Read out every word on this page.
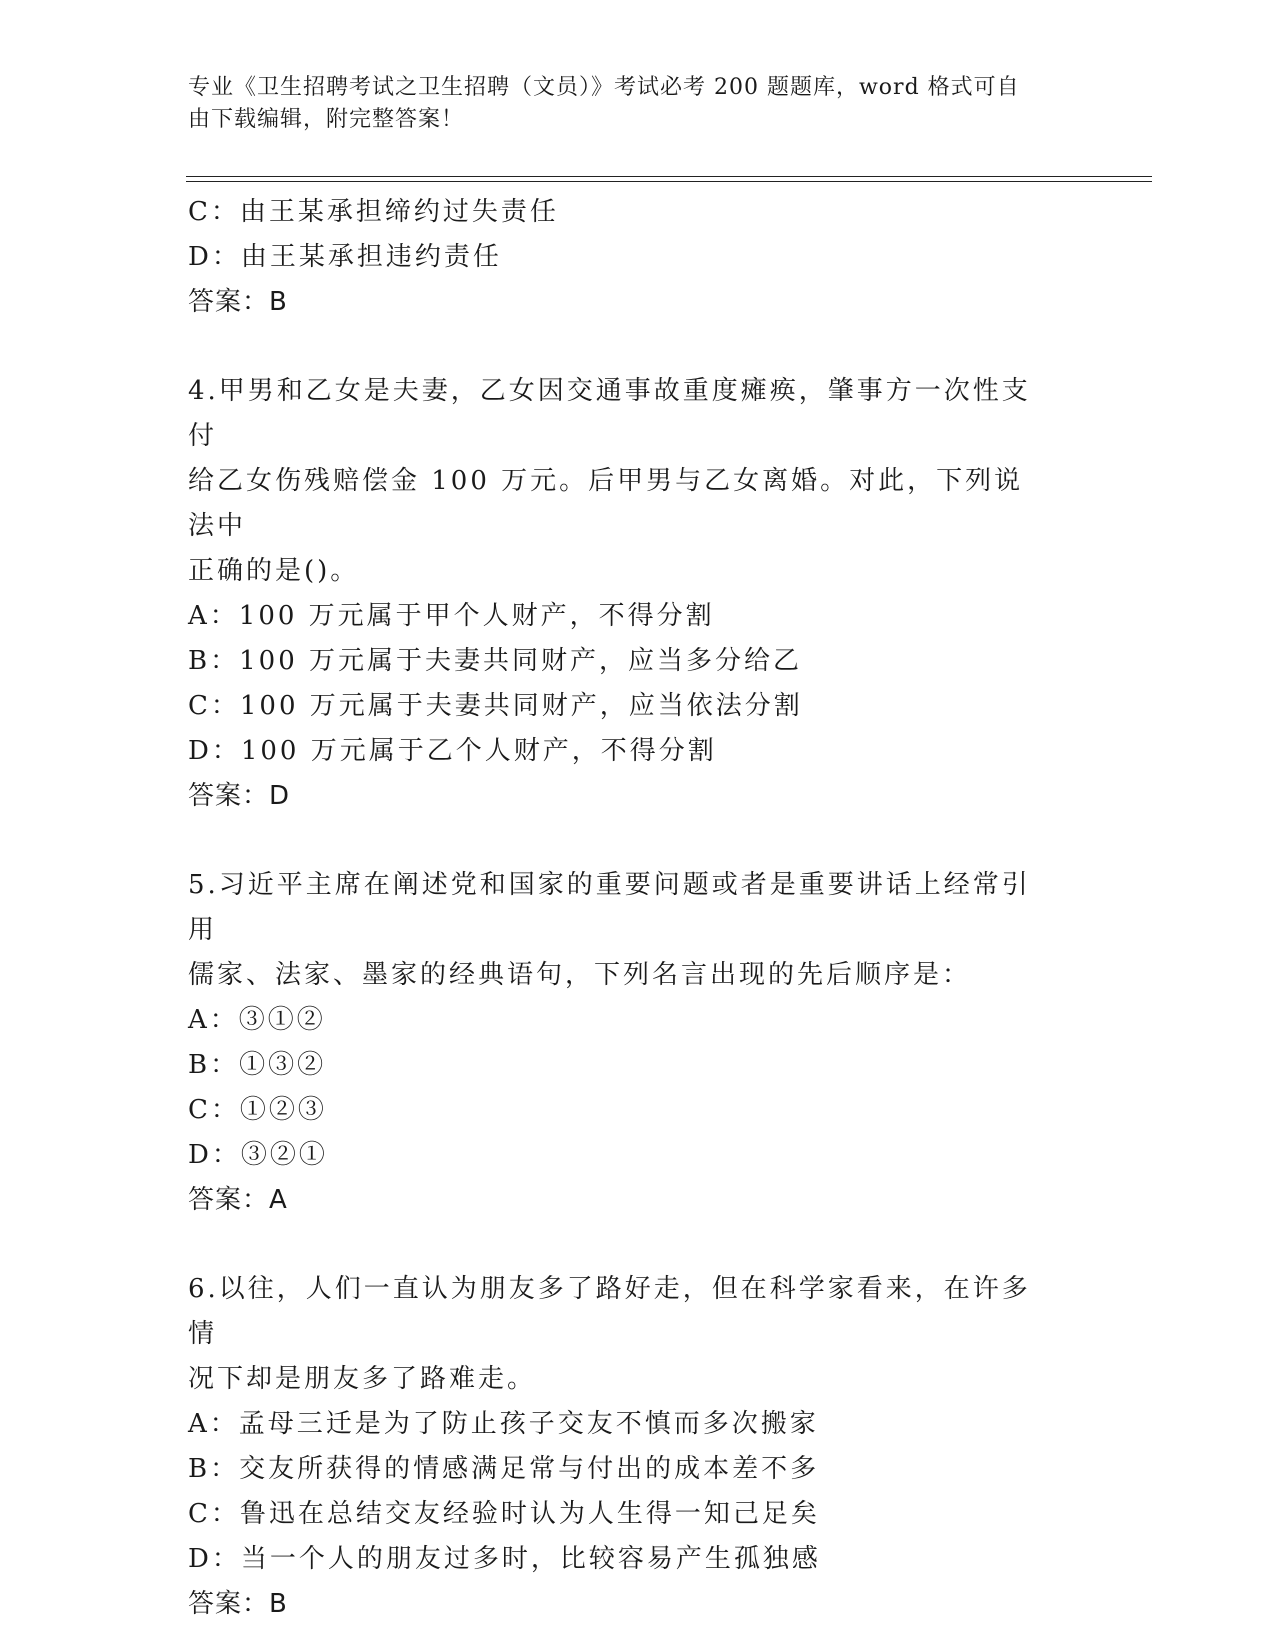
专业《卫生招聘考试之卫生招聘（文员）》考试必考 200 题题库，word 格式可自
由下载编辑，附完整答案！
C：由王某承担缔约过失责任
D：由王某承担违约责任
答案：B
4.甲男和乙女是夫妻，乙女因交通事故重度瘫痪，肇事方一次性支付
给乙女伤残赔偿金 100 万元。后甲男与乙女离婚。对此，下列说法中
正确的是()。
A：100 万元属于甲个人财产，不得分割
B：100 万元属于夫妻共同财产，应当多分给乙
C：100 万元属于夫妻共同财产，应当依法分割
D：100 万元属于乙个人财产，不得分割
答案：D
5.习近平主席在阐述党和国家的重要问题或者是重要讲话上经常引用
儒家、法家、墨家的经典语句，下列名言出现的先后顺序是：
A：③①②
B：①③②
C：①②③
D：③②①
答案：A
6.以往，人们一直认为朋友多了路好走，但在科学家看来，在许多情
况下却是朋友多了路难走。
A：孟母三迁是为了防止孩子交友不慎而多次搬家
B：交友所获得的情感满足常与付出的成本差不多
C：鲁迅在总结交友经验时认为人生得一知己足矣
D：当一个人的朋友过多时，比较容易产生孤独感
答案：B
